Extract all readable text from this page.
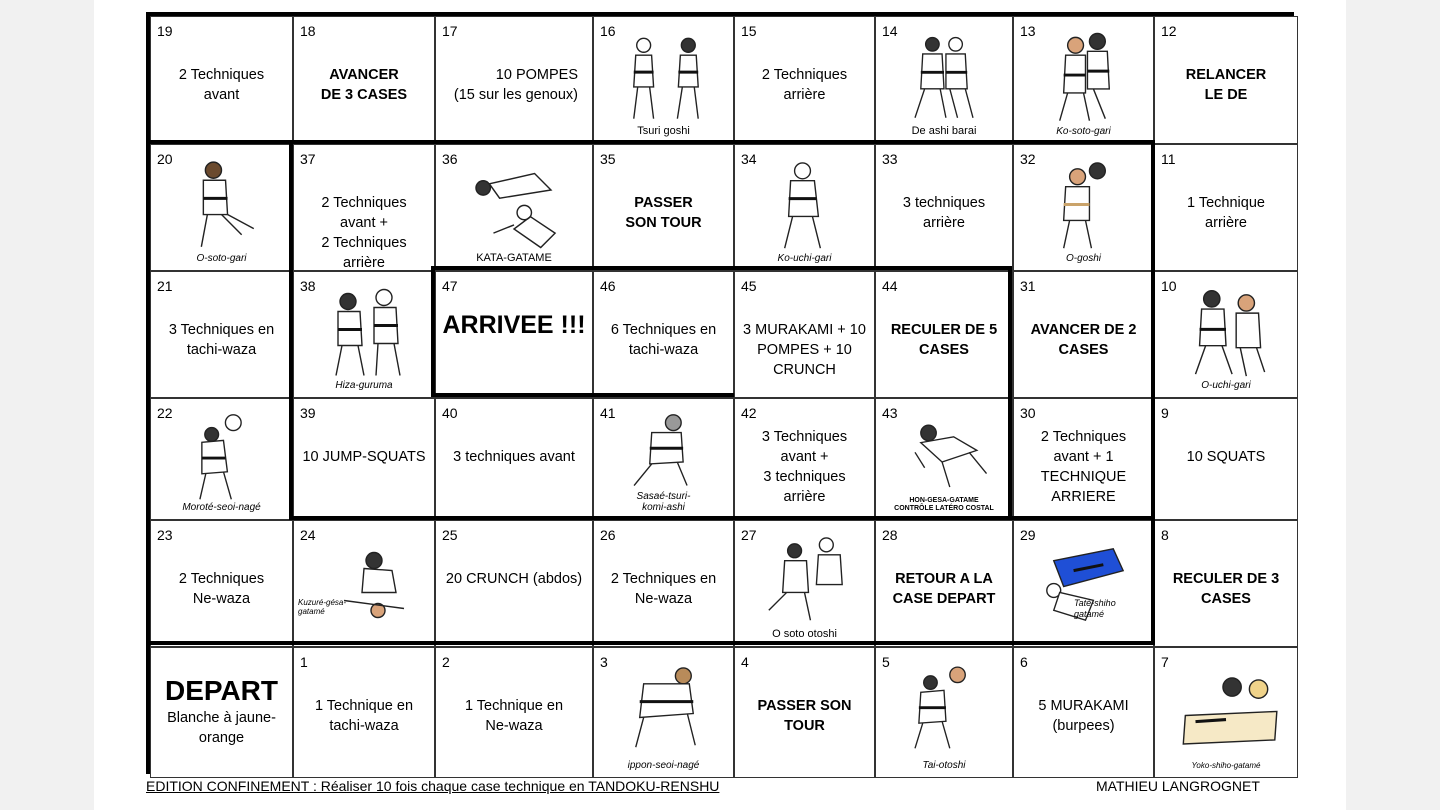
19
2 Techniques
avant
18
AVANCER
DE 3 CASES
17
10 POMPES
(15 sur les genoux)
16
Tsuri goshi
15
2 Techniques
arrière
14
De ashi barai
13
Ko-soto-gari
12
RELANCER
LE DE
20
O-soto-gari
37
2 Techniques
avant +
2 Techniques
arrière
36
KATA-GATAME
35
PASSER
SON TOUR
34
Ko-uchi-gari
33
3 techniques
arrière
32
O-goshi
11
1 Technique
arrière
21
3 Techniques en
tachi-waza
38
Hiza-guruma
47
ARRIVEE !!!
46
6 Techniques en
tachi-waza
45
3 MURAKAMI + 10
POMPES + 10
CRUNCH
44
RECULER DE 5
CASES
31
AVANCER DE 2
CASES
10
O-uchi-gari
22
Moroté-seoi-nagé
39
10 JUMP-SQUATS
40
3 techniques avant
41
Sasaé-tsuri-
komi-ashi
42
3 Techniques
avant +
3 techniques
arrière
43
HON-GESA-GATAME
CONTRÔLE LATÉRO COSTAL
30
2 Techniques
avant + 1
TECHNIQUE
ARRIERE
9
10 SQUATS
23
2 Techniques
Ne-waza
24
Kuzuré-gésa-
gatamé
25
20 CRUNCH (abdos)
26
2 Techniques en
Ne-waza
27
O soto otoshi
28
RETOUR A LA
CASE DEPART
29
Taté-shiho
gatamé
8
RECULER DE 3
CASES
DEPART
Blanche à jaune-
orange
1
1 Technique en
tachi-waza
2
1 Technique en
Ne-waza
3
ippon-seoi-nagé
4
PASSER SON
TOUR
5
Tai-otoshi
6
5 MURAKAMI
(burpees)
7
Yoko-shiho-gatamé
EDITION CONFINEMENT : Réaliser 10 fois chaque case technique en TANDOKU-RENSHU	MATHIEU LANGROGNET
